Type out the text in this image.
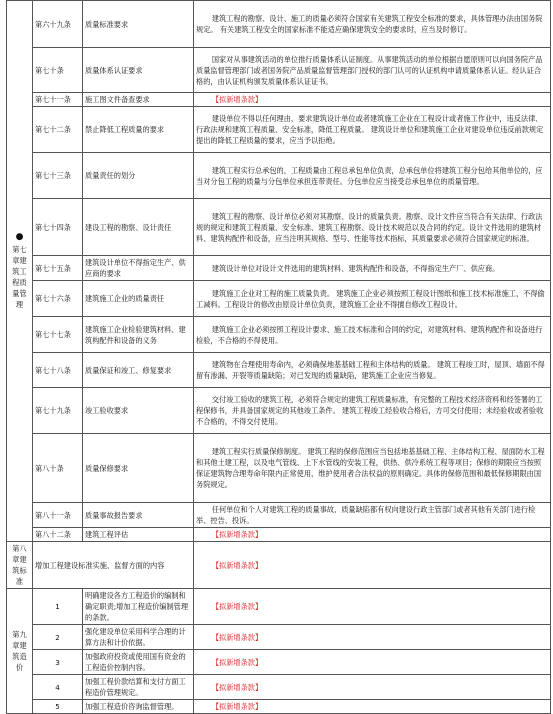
●
第七章建筑工程质量管理	第六十九条	质量标准要求	建筑工程的勘察、设计、施工的质量必须符合国家有关建筑工程安全标准的要求，具体管理办法由国务院规定。 有关建筑工程安全的国家标准不能适应确保建筑安全的要求时，应当及时修订。
	第七十条	质量体系认证要求	国家对从事建筑活动的单位推行质量体系认证制度。从事建筑活动的单位根据自愿原则可以向国务院产品质量监督管理部门或者国务院产品质量监督管理部门授权的部门认可的认证机构申请质量体系认证。经认证合格的，由认证机构颁发质量体系认证证书。
	第七十一条	施工图文件备查要求	【拟新增条款】
	第七十二条	禁止降低工程质量的要求	建设单位不得以任何理由，要求建筑设计单位或者建筑施工企业在工程设计或者施工作业中，违反法律、行政法规和建筑工程质量、安全标准，降低工程质量。 建筑设计单位和建筑施工企业对建设单位违反前款规定提出的降低工程质量的要求，应当予以拒绝。
	第七十三条	质量责任的划分	建筑工程实行总承包的，工程质量由工程总承包单位负责，总承包单位将建筑工程分包给其他单位的，应当对分包工程的质量与分包单位承担连带责任。分包单位应当接受总承包单位的质量管理。
	第七十四条	建设工程的勘察、设计责任	建筑工程的勘察、设计单位必须对其勘察、设计的质量负责。勘察、设计文件应当符合有关法律、行政法规的规定和建筑工程质量、安全标准、建筑工程勘察、设计技术规范以及合同的约定。设计文件选用的建筑材料、建筑构配件和设备，应当注明其规格、型号、性能等技术指标，其质量要求必须符合国家规定的标准。
	第七十五条	建筑设计单位不得指定生产、供应商的要求	建筑设计单位对设计文件选用的建筑材料、建筑构配件和设备，不得指定生产厂、供应商。
	第七十六条	建筑施工企业的质量责任	建筑施工企业对工程的施工质量负责。 建筑施工企业必须按照工程设计图纸和施工技术标准施工，不得偷工减料。工程设计的修改由原设计单位负责，建筑施工企业不得擅自修改工程设计。
	第七十七条	建筑施工企业检验建筑材料、建筑构配件和设备的义务	建筑施工企业必须按照工程设计要求、施工技术标准和合同的约定，对建筑材料、建筑构配件和设备进行检验，不合格的不得使用。
	第七十八条	质量保证和竣工、修复要求	建筑物在合理使用寿命内，必须确保地基基础工程和主体结构的质量。 建筑工程竣工时，屋顶、墙面不得留有渗漏、开裂等质量缺陷；对已发现的质量缺陷，建筑施工企业应当修复。
	第七十九条	竣工验收要求	交付竣工验收的建筑工程，必须符合规定的建筑工程质量标准，有完整的工程技术经济资料和经签署的工程保修书，并具备国家规定的其他竣工条件。 建筑工程竣工经验收合格后，方可交付使用；未经验收或者验收不合格的，不得交付使用。
	第八十条	质量保修要求	建筑工程实行质量保修制度。 建筑工程的保修范围应当包括地基基础工程、主体结构工程、屋面防水工程和其他土建工程，以及电气管线、上下水管线的安装工程，供热、供冷系统工程等项目；保修的期限应当按照保证建筑物合理寿命年限内正常使用，维护使用者合法权益的原则确定。具体的保修范围和最低保修期限由国务院规定。
	第八十一条	质量事故报告要求	任何单位和个人对建筑工程的质量事故、质量缺陷都有权向建设行政主管部门或者其他有关部门进行检举、控告、投诉。
	第八十二条	建筑工程评估	【拟新增条款】
第八章建筑标准	增加工程建设标准实施、监督方面的内容		【拟新增条款】
第九章建筑造价	1	明确建设各方工程造价的编制和确定职责;增加工程造价编制管理的条款。	【拟新增条款】
	2	强化建设单位采用科学合理的计算方法和计价依据。	【拟新增条款】
	3	加强政府投资或使用国有资金的工程造价控制内容。	【拟新增条款】
	4	加强工程价款结算和支付方面工程造价管理规定。	【拟新增条款】
	5	加强工程造价咨询监督管理。	【拟新增条款】
